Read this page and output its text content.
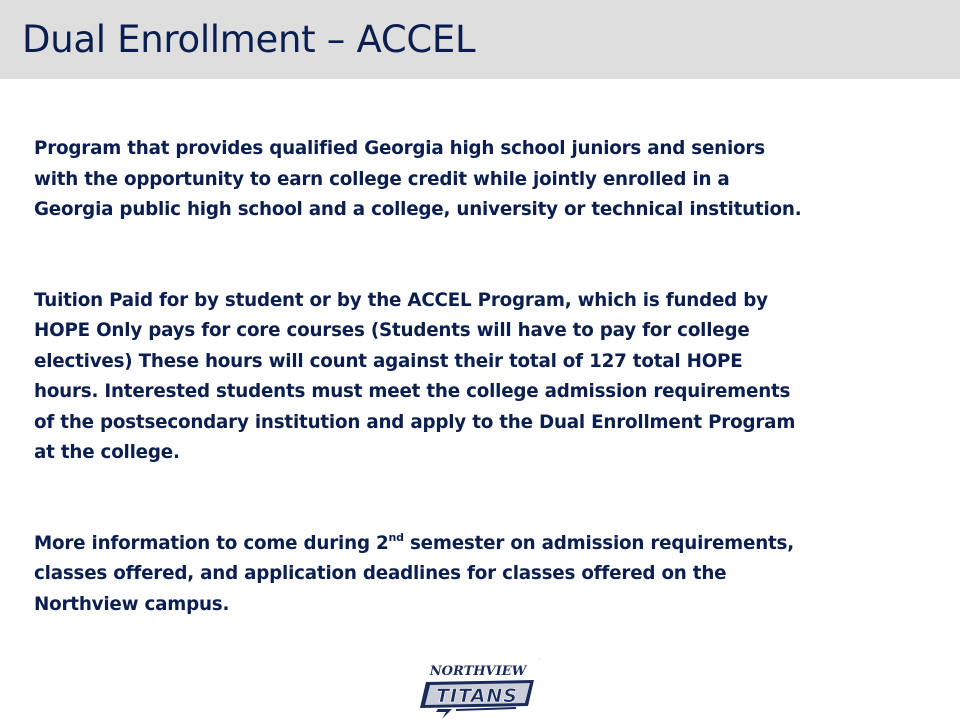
Dual Enrollment – ACCEL

Program that provides qualified Georgia high school juniors and seniors
with the opportunity to earn college credit while jointly enrolled in a
Georgia public high school and a college, university or technical institution.

Tuition Paid for by student or by the ACCEL Program, which is funded by
HOPE Only pays for core courses (Students will have to pay for college
electives) These hours will count against their total of 127 total HOPE
hours. Interested students must meet the college admission requirements
of the postsecondary institution and apply to the Dual Enrollment Program
at the college.

More information to come during 2nd semester on admission requirements,
classes offered, and application deadlines for classes offered on the
Northview campus.

NORTHVIEW
TITANS
